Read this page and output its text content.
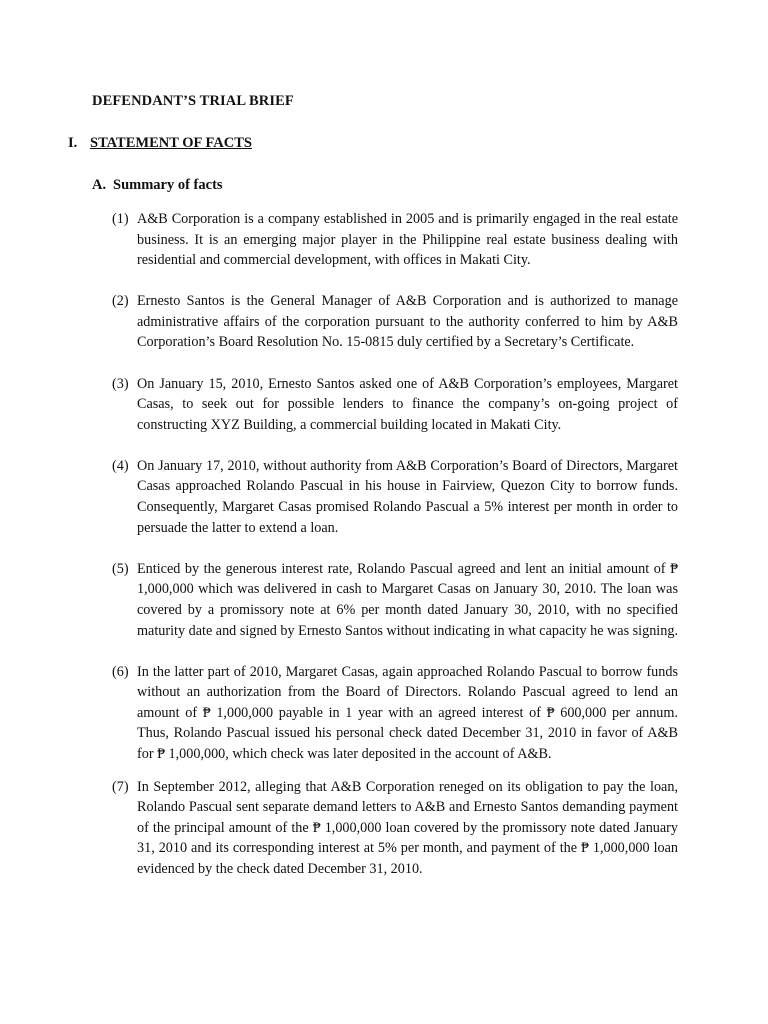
DEFENDANT’S TRIAL BRIEF
I. STATEMENT OF FACTS
A. Summary of facts
(1) A&B Corporation is a company established in 2005 and is primarily engaged in the real estate business. It is an emerging major player in the Philippine real estate business dealing with residential and commercial development, with offices in Makati City.
(2) Ernesto Santos is the General Manager of A&B Corporation and is authorized to manage administrative affairs of the corporation pursuant to the authority conferred to him by A&B Corporation’s Board Resolution No. 15-0815 duly certified by a Secretary’s Certificate.
(3) On January 15, 2010, Ernesto Santos asked one of A&B Corporation’s employees, Margaret Casas, to seek out for possible lenders to finance the company’s on-going project of constructing XYZ Building, a commercial building located in Makati City.
(4) On January 17, 2010, without authority from A&B Corporation’s Board of Directors, Margaret Casas approached Rolando Pascual in his house in Fairview, Quezon City to borrow funds. Consequently, Margaret Casas promised Rolando Pascual a 5% interest per month in order to persuade the latter to extend a loan.
(5) Enticed by the generous interest rate, Rolando Pascual agreed and lent an initial amount of ₱ 1,000,000 which was delivered in cash to Margaret Casas on January 30, 2010. The loan was covered by a promissory note at 6% per month dated January 30, 2010, with no specified maturity date and signed by Ernesto Santos without indicating in what capacity he was signing.
(6) In the latter part of 2010, Margaret Casas, again approached Rolando Pascual to borrow funds without an authorization from the Board of Directors. Rolando Pascual agreed to lend an amount of ₱ 1,000,000 payable in 1 year with an agreed interest of ₱ 600,000 per annum. Thus, Rolando Pascual issued his personal check dated December 31, 2010 in favor of A&B for ₱ 1,000,000, which check was later deposited in the account of A&B.
(7) In September 2012, alleging that A&B Corporation reneged on its obligation to pay the loan, Rolando Pascual sent separate demand letters to A&B and Ernesto Santos demanding payment of the principal amount of the ₱ 1,000,000 loan covered by the promissory note dated January 31, 2010 and its corresponding interest at 5% per month, and payment of the ₱ 1,000,000 loan evidenced by the check dated December 31, 2010.
